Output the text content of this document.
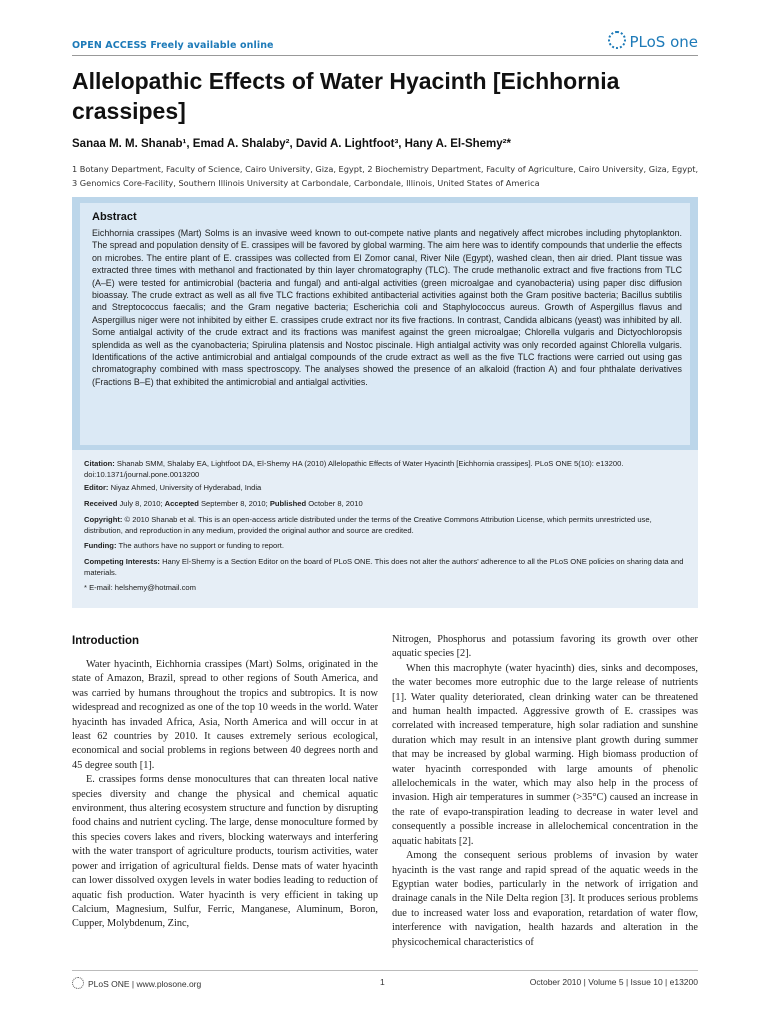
OPEN ACCESS Freely available online	PLoS one
Allelopathic Effects of Water Hyacinth [Eichhornia crassipes]
Sanaa M. M. Shanab¹, Emad A. Shalaby², David A. Lightfoot³, Hany A. El-Shemy²*
1 Botany Department, Faculty of Science, Cairo University, Giza, Egypt, 2 Biochemistry Department, Faculty of Agriculture, Cairo University, Giza, Egypt, 3 Genomics Core-Facility, Southern Illinois University at Carbondale, Carbondale, Illinois, United States of America
Abstract
Eichhornia crassipes (Mart) Solms is an invasive weed known to out-compete native plants and negatively affect microbes including phytoplankton. The spread and population density of E. crassipes will be favored by global warming. The aim here was to identify compounds that underlie the effects on microbes. The entire plant of E. crassipes was collected from El Zomor canal, River Nile (Egypt), washed clean, then air dried. Plant tissue was extracted three times with methanol and fractionated by thin layer chromatography (TLC). The crude methanolic extract and five fractions from TLC (A–E) were tested for antimicrobial (bacteria and fungal) and anti-algal activities (green microalgae and cyanobacteria) using paper disc diffusion bioassay. The crude extract as well as all five TLC fractions exhibited antibacterial activities against both the Gram positive bacteria; Bacillus subtilis and Streptococcus faecalis; and the Gram negative bacteria; Escherichia coli and Staphylococcus aureus. Growth of Aspergillus flavus and Aspergillus niger were not inhibited by either E. crassipes crude extract nor its five fractions. In contrast, Candida albicans (yeast) was inhibited by all. Some antialgal activity of the crude extract and its fractions was manifest against the green microalgae; Chlorella vulgaris and Dictyochloropsis splendida as well as the cyanobacteria; Spirulina platensis and Nostoc piscinale. High antialgal activity was only recorded against Chlorella vulgaris. Identifications of the active antimicrobial and antialgal compounds of the crude extract as well as the five TLC fractions were carried out using gas chromatography combined with mass spectroscopy. The analyses showed the presence of an alkaloid (fraction A) and four phthalate derivatives (Fractions B–E) that exhibited the antimicrobial and antialgal activities.
Citation: Shanab SMM, Shalaby EA, Lightfoot DA, El-Shemy HA (2010) Allelopathic Effects of Water Hyacinth [Eichhornia crassipes]. PLoS ONE 5(10): e13200. doi:10.1371/journal.pone.0013200
Editor: Niyaz Ahmed, University of Hyderabad, India
Received July 8, 2010; Accepted September 8, 2010; Published October 8, 2010
Copyright: © 2010 Shanab et al. This is an open-access article distributed under the terms of the Creative Commons Attribution License, which permits unrestricted use, distribution, and reproduction in any medium, provided the original author and source are credited.
Funding: The authors have no support or funding to report.
Competing Interests: Hany El-Shemy is a Section Editor on the board of PLoS ONE. This does not alter the authors' adherence to all the PLoS ONE policies on sharing data and materials.
* E-mail: helshemy@hotmail.com
Introduction

Water hyacinth, Eichhornia crassipes (Mart) Solms, originated in the state of Amazon, Brazil, spread to other regions of South America, and was carried by humans throughout the tropics and subtropics. It is now widespread and recognized as one of the top 10 weeds in the world. Water hyacinth has invaded Africa, Asia, North America and will occur in at least 62 countries by 2010. It causes extremely serious ecological, economical and social problems in regions between 40 degrees north and 45 degree south [1].

E. crassipes forms dense monocultures that can threaten local native species diversity and change the physical and chemical aquatic environment, thus altering ecosystem structure and function by disrupting food chains and nutrient cycling. The large, dense monoculture formed by this species covers lakes and rivers, blocking waterways and interfering with the water transport of agriculture products, tourism activities, water power and irrigation of agricultural fields. Dense mats of water hyacinth can lower dissolved oxygen levels in water bodies leading to reduction of aquatic fish production. Water hyacinth is very efficient in taking up Calcium, Magnesium, Sulfur, Ferric, Manganese, Aluminum, Boron, Cupper, Molybdenum, Zinc,

Nitrogen, Phosphorus and potassium favoring its growth over other aquatic species [2].

When this macrophyte (water hyacinth) dies, sinks and decomposes, the water becomes more eutrophic due to the large release of nutrients [1]. Water quality deteriorated, clean drinking water can be threatened and human health impacted. Aggressive growth of E. crassipes was correlated with increased temperature, high solar radiation and sunshine duration which may result in an intensive plant growth during summer that may be increased by global warming. High biomass production of water hyacinth corresponded with large amounts of phenolic allelochemicals in the water, which may also help in the process of invasion. High air temperatures in summer (>35°C) caused an increase in the rate of evapo-transpiration leading to decrease in water level and consequently a possible increase in allelochemical concentration in the aquatic habitats [2].

Among the consequent serious problems of invasion by water hyacinth is the vast range and rapid spread of the aquatic weeds in the Egyptian water bodies, particularly in the network of irrigation and drainage canals in the Nile Delta region [3]. It produces serious problems due to increased water loss and evaporation, retardation of water flow, interference with navigation, health hazards and alteration in the physicochemical characteristics of

PLoS ONE | www.plosone.org	1	October 2010 | Volume 5 | Issue 10 | e13200
